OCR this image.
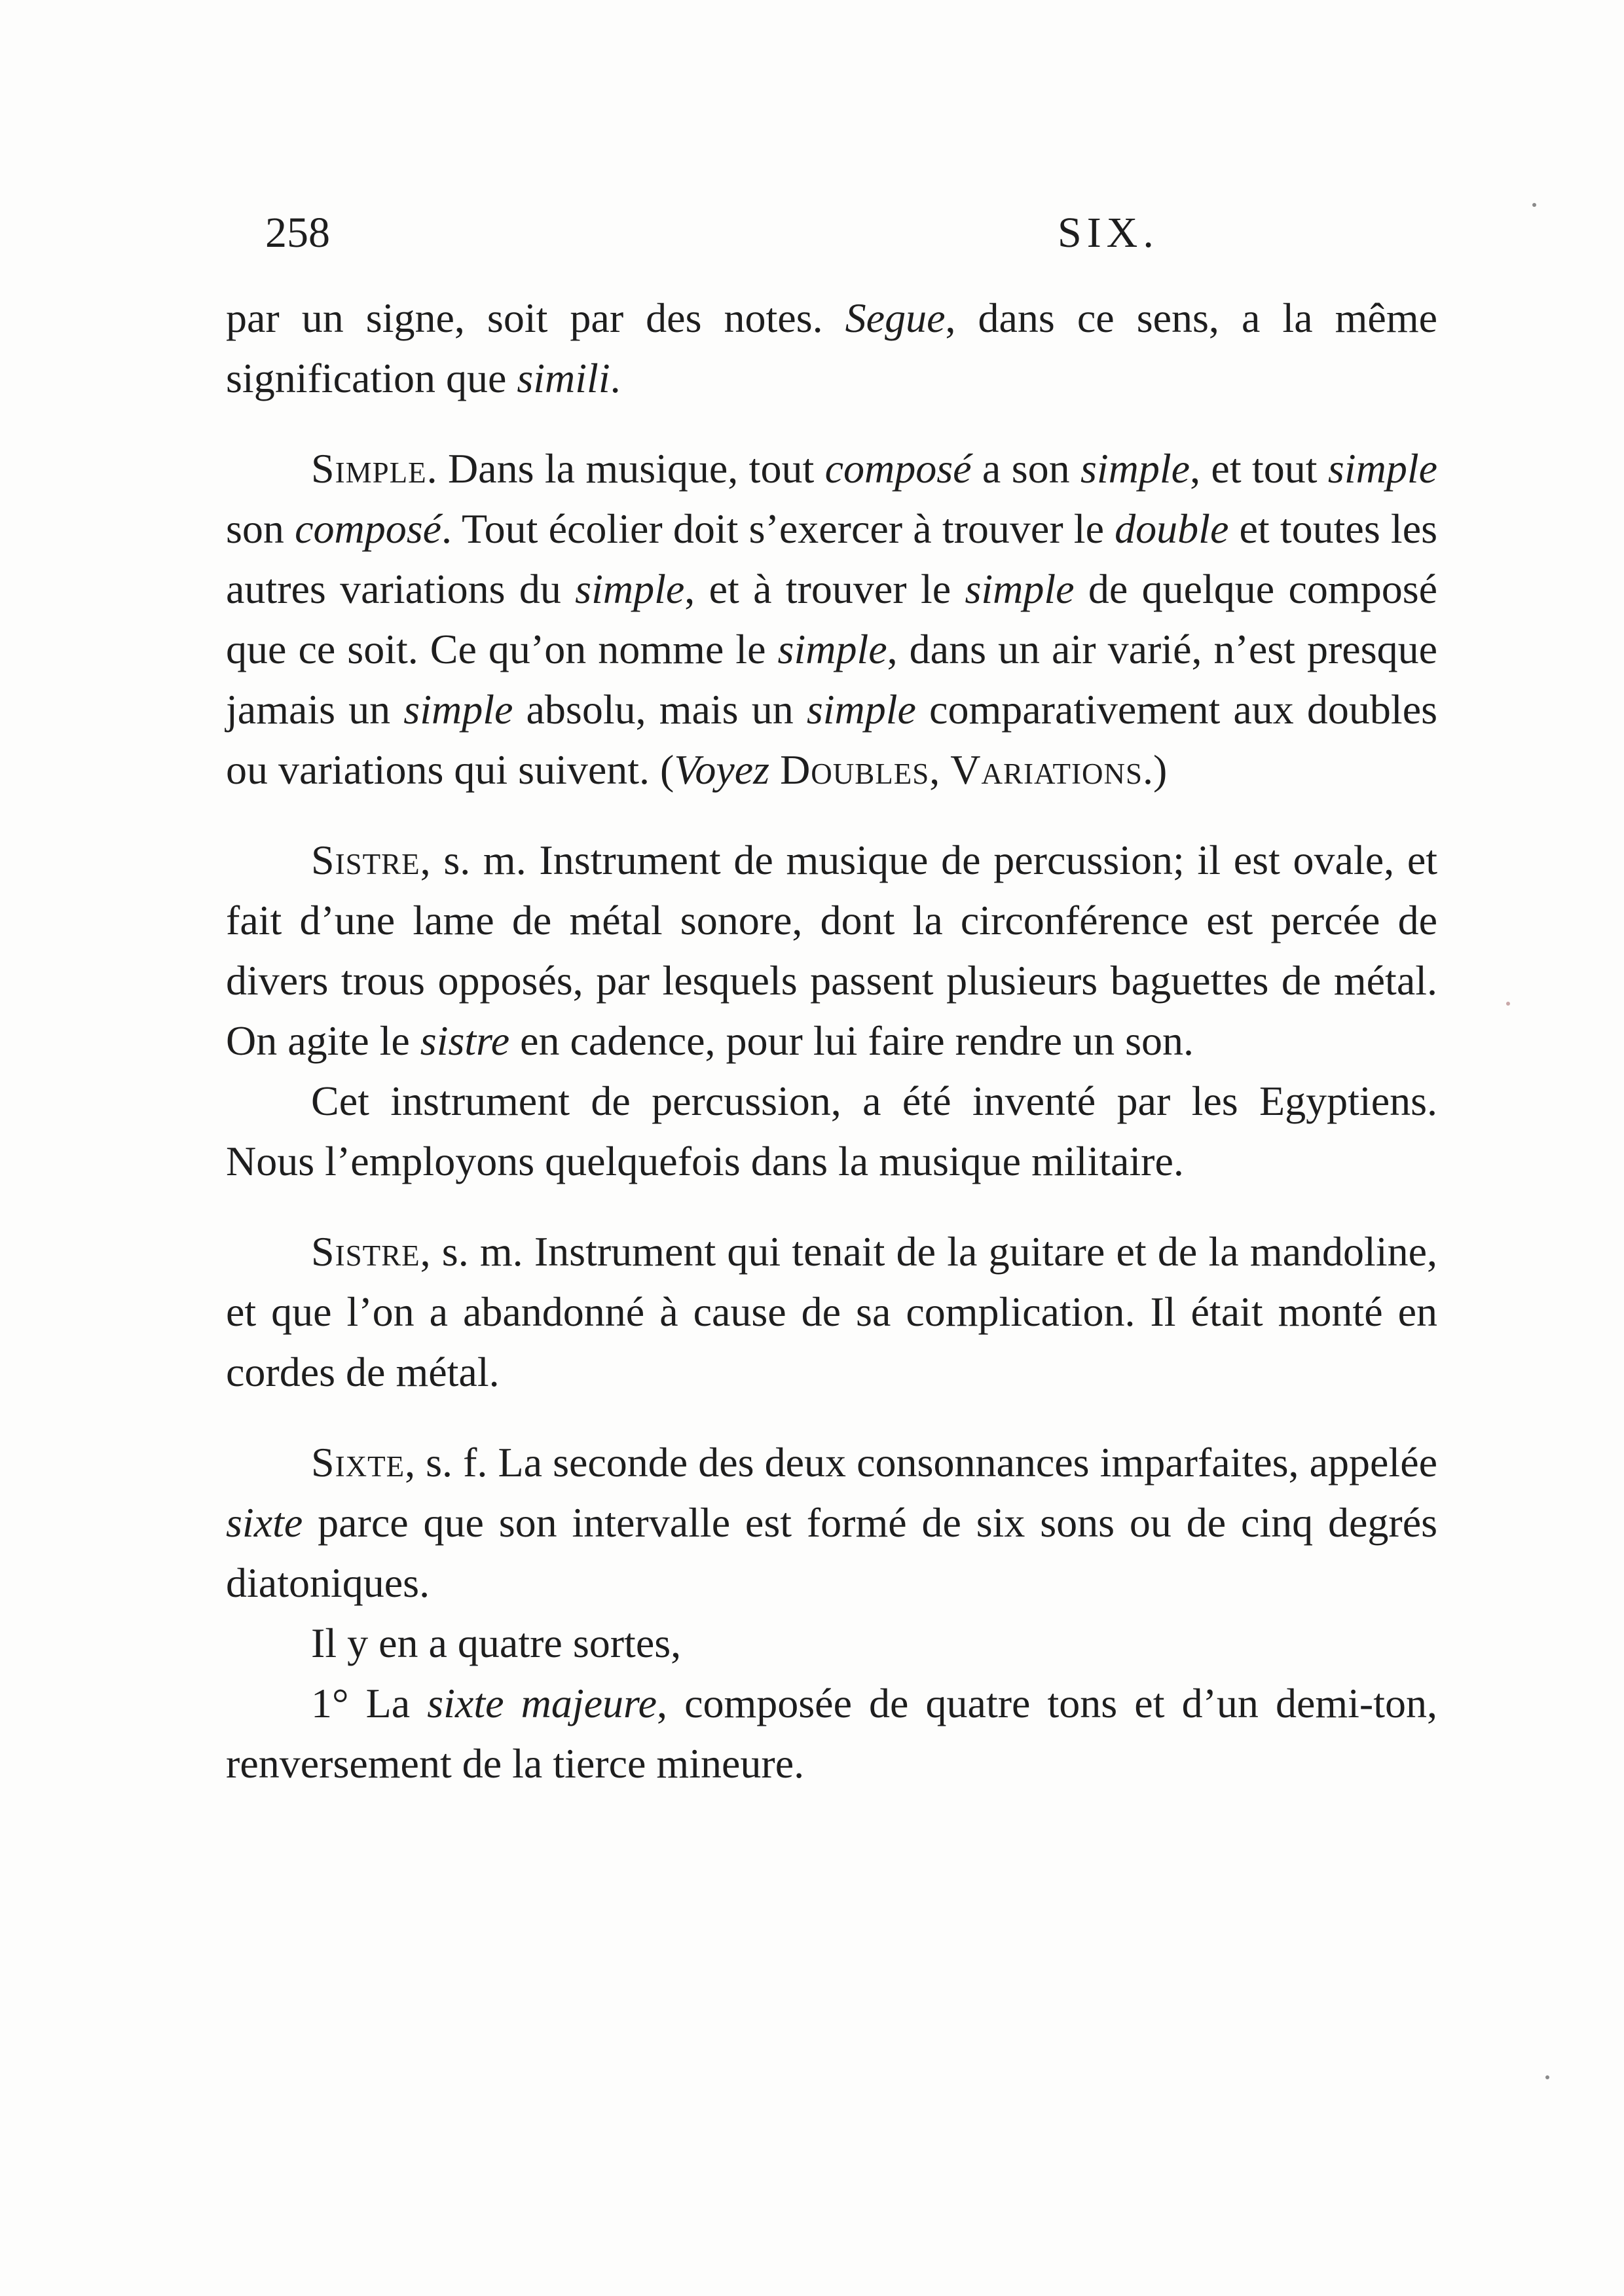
258	SIX.

par un signe, soit par des notes. Segue, dans ce sens, a la même signification que simili.

Simple. Dans la musique, tout composé a son simple, et tout simple son composé. Tout écolier doit s’exercer à trouver le double et toutes les autres variations du simple, et à trouver le simple de quelque composé que ce soit. Ce qu’on nomme le simple, dans un air varié, n’est presque jamais un simple absolu, mais un simple comparativement aux doubles ou variations qui suivent. (Voyez Doubles, Variations.)

Sistre, s. m. Instrument de musique de percussion; il est ovale, et fait d’une lame de métal sonore, dont la circonférence est percée de divers trous opposés, par lesquels passent plusieurs baguettes de métal. On agite le sistre en cadence, pour lui faire rendre un son.

Cet instrument de percussion, a été inventé par les Egyptiens. Nous l’employons quelquefois dans la musique militaire.

Sistre, s. m. Instrument qui tenait de la guitare et de la mandoline, et que l’on a abandonné à cause de sa complication. Il était monté en cordes de métal.

Sixte, s. f. La seconde des deux consonnances imparfaites, appelée sixte parce que son intervalle est formé de six sons ou de cinq degrés diatoniques.

Il y en a quatre sortes,

1° La sixte majeure, composée de quatre tons et d’un demi-ton, renversement de la tierce mineure.
